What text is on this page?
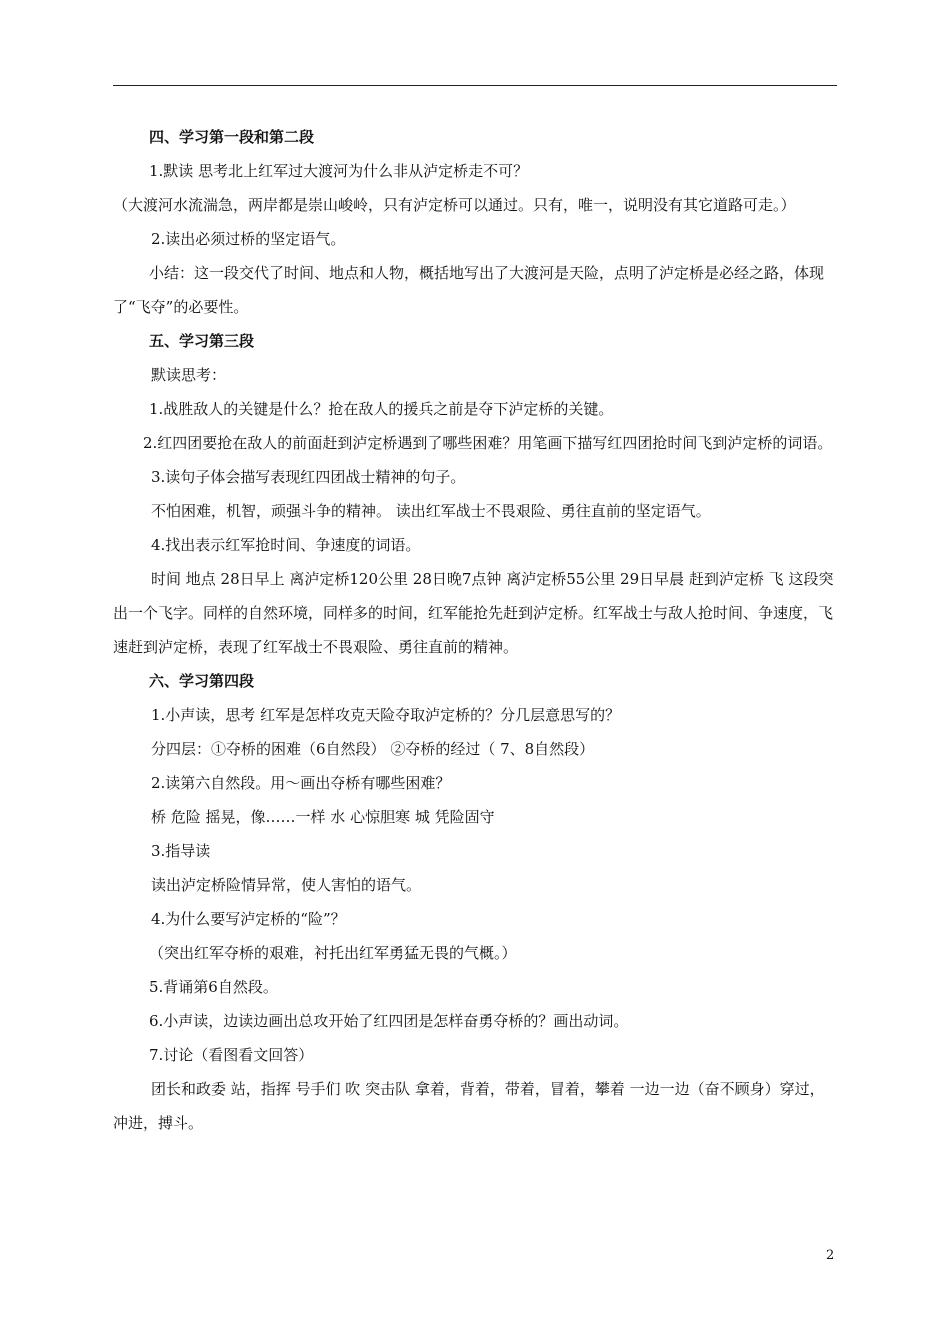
四、学习第一段和第二段
1.默读 思考北上红军过大渡河为什么非从泸定桥走不可？
（大渡河水流湍急，两岸都是崇山峻岭，只有泸定桥可以通过。只有，唯一，说明没有其它道路可走。）
2.读出必须过桥的坚定语气。
小结：这一段交代了时间、地点和人物，概括地写出了大渡河是天险，点明了泸定桥是必经之路，体现了“飞夺”的必要性。
五、学习第三段
默读思考：
1.战胜敌人的关键是什么？抢在敌人的援兵之前是夺下泸定桥的关键。
2.红四团要抢在敌人的前面赶到泸定桥遇到了哪些困难？用笔画下描写红四团抢时间飞到泸定桥的词语。
3.读句子体会描写表现红四团战士精神的句子。
不怕困难，机智，顽强斗争的精神。 读出红军战士不畏艰险、勇往直前的坚定语气。
4.找出表示红军抢时间、争速度的词语。
时间 地点 28日早上 离泸定桥120公里 28日晚7点钟 离泸定桥55公里 29日早晨 赶到泸定桥 飞 这段突出一个飞字。同样的自然环境，同样多的时间，红军能抢先赶到泸定桥。红军战士与敌人抢时间、争速度，飞速赶到泸定桥，表现了红军战士不畏艰险、勇往直前的精神。
六、学习第四段
1.小声读，思考 红军是怎样攻克天险夺取泸定桥的？分几层意思写的？
分四层：①夺桥的困难（6自然段） ②夺桥的经过（ 7、8自然段）
2.读第六自然段。用～画出夺桥有哪些困难？
桥 危险 摇晃，像……一样 水 心惊胆寒 城 凭险固守
3.指导读
读出泸定桥险情异常，使人害怕的语气。
4.为什么要写泸定桥的“险”？
（突出红军夺桥的艰难，衬托出红军勇猛无畏的气概。）
5.背诵第6自然段。
6.小声读，边读边画出总攻开始了红四团是怎样奋勇夺桥的？画出动词。
7.讨论（看图看文回答）
团长和政委 站，指挥 号手们 吹 突击队 拿着，背着，带着，冒着，攀着 一边一边（奋不顾身）穿过，冲进，搏斗。
2
